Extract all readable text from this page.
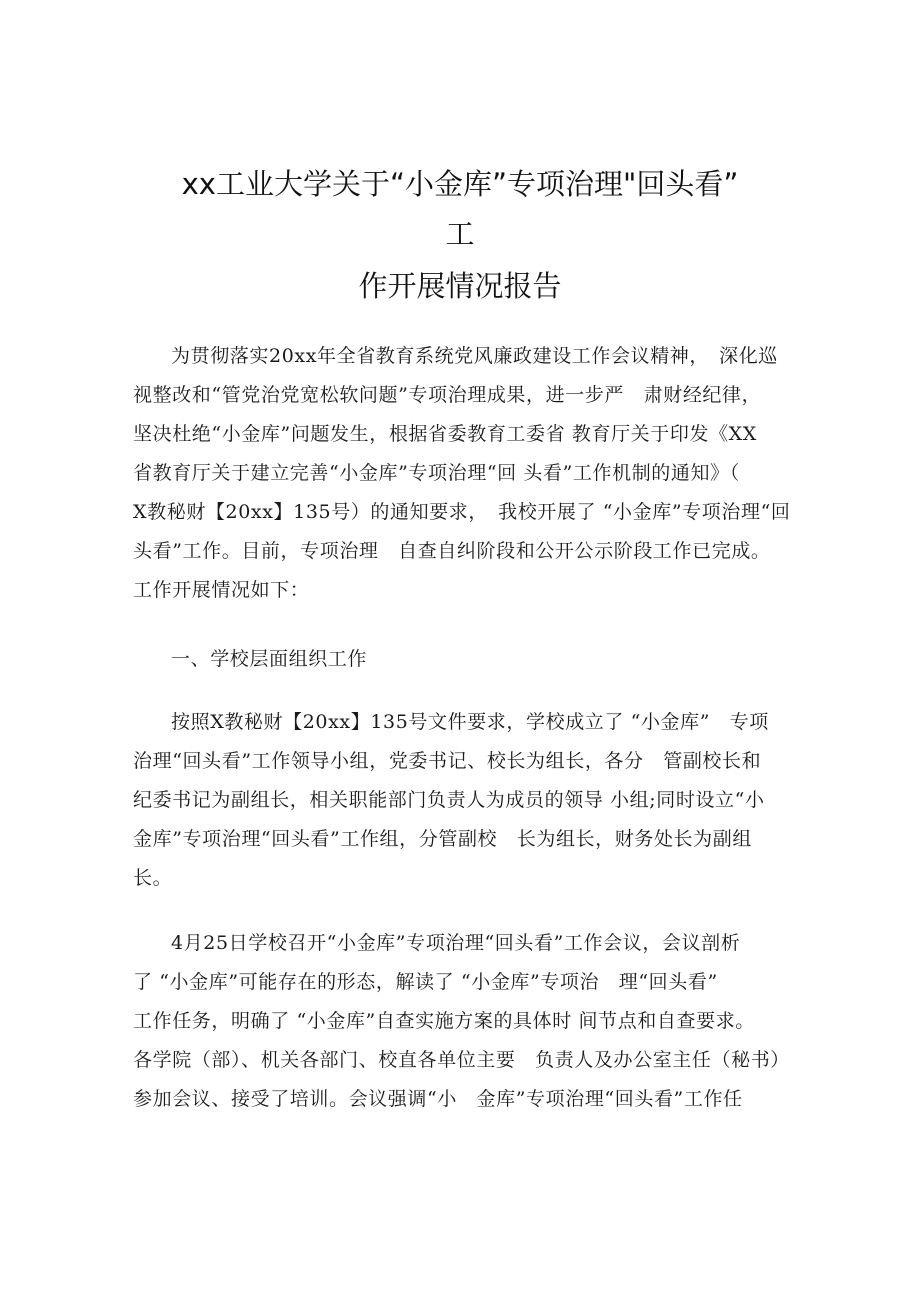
xx工业大学关于“小金库”专项治理"回头看”
工
作开展情况报告
为贯彻落实20xx年全省教育系统党风廉政建设工作会议精神，　深化巡
视整改和“管党治党宽松软问题”专项治理成果，进一步严　肃财经纪律，
坚决杜绝“小金库”问题发生，根据省委教育工委省 教育厅关于印发《XX
省教育厅关于建立完善“小金库”专项治理“回 头看”工作机制的通知》（
X教秘财【20xx】135号）的通知要求，　我校开展了 “小金库”专项治理“回
头看”工作。目前，专项治理　自查自纠阶段和公开公示阶段工作已完成。
工作开展情况如下：
一、学校层面组织工作
按照X教秘财【20xx】135号文件要求，学校成立了 “小金库”　专项
治理“回头看”工作领导小组，党委书记、校长为组长，各分　管副校长和
纪委书记为副组长，相关职能部门负责人为成员的领导 小组;同时设立“小
金库”专项治理“回头看”工作组，分管副校　长为组长，财务处长为副组
长。
4月25日学校召开“小金库”专项治理“回头看”工作会议，会议剖析
了 “小金库”可能存在的形态，解读了 “小金库”专项治　理“回头看”
工作任务，明确了 “小金库”自查实施方案的具体时 间节点和自查要求。
各学院（部）、机关各部门、校直各单位主要　负责人及办公室主任（秘书）
参加会议、接受了培训。会议强调“小　金库”专项治理“回头看”工作任
